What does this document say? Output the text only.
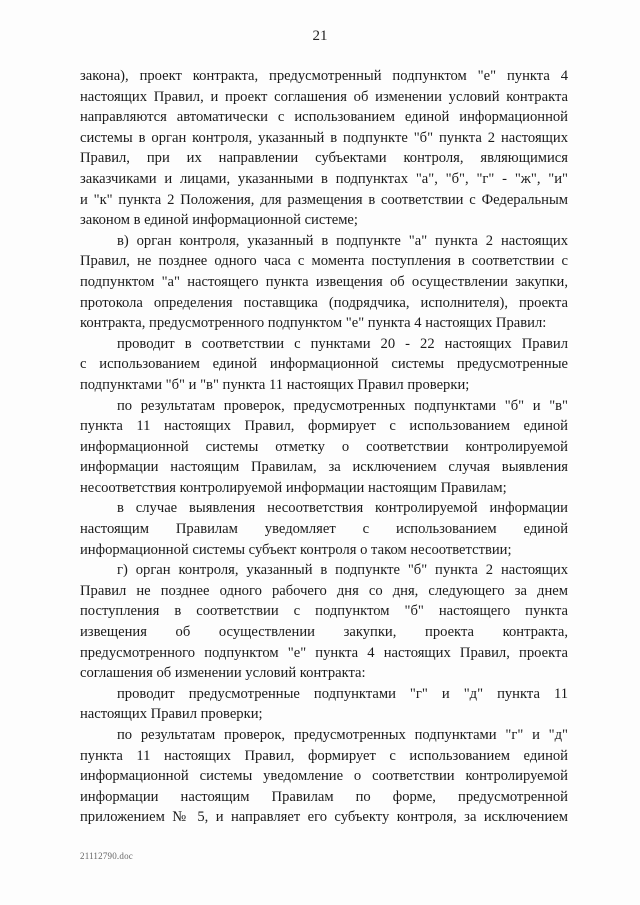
21
закона), проект контракта, предусмотренный подпунктом "е" пункта 4
настоящих Правил, и проект соглашения об изменении условий контракта
направляются автоматически с использованием единой информационной
системы в орган контроля, указанный в подпункте "б" пункта 2 настоящих
Правил, при их направлении субъектами контроля, являющимися
заказчиками и лицами, указанными в подпунктах "а", "б", "г" - "ж", "и"
и "к" пункта 2 Положения, для размещения в соответствии с Федеральным
законом в единой информационной системе;
в) орган контроля, указанный в подпункте "а" пункта 2 настоящих
Правил, не позднее одного часа с момента поступления в соответствии с
подпунктом "а" настоящего пункта извещения об осуществлении закупки,
протокола определения поставщика (подрядчика, исполнителя), проекта
контракта, предусмотренного подпунктом "е" пункта 4 настоящих Правил:
проводит в соответствии с пунктами 20 - 22 настоящих Правил
с использованием единой информационной системы предусмотренные
подпунктами "б" и "в" пункта 11 настоящих Правил проверки;
по результатам проверок, предусмотренных подпунктами "б" и "в"
пункта 11 настоящих Правил, формирует с использованием единой
информационной системы отметку о соответствии контролируемой
информации настоящим Правилам, за исключением случая выявления
несоответствия контролируемой информации настоящим Правилам;
в случае выявления несоответствия контролируемой информации
настоящим Правилам уведомляет с использованием единой
информационной системы субъект контроля о таком несоответствии;
г) орган контроля, указанный в подпункте "б" пункта 2 настоящих
Правил не позднее одного рабочего дня со дня, следующего за днем
поступления в соответствии с подпунктом "б" настоящего пункта
извещения об осуществлении закупки, проекта контракта,
предусмотренного подпунктом "е" пункта 4 настоящих Правил, проекта
соглашения об изменении условий контракта:
проводит предусмотренные подпунктами "г" и "д" пункта 11
настоящих Правил проверки;
по результатам проверок, предусмотренных подпунктами "г" и "д"
пункта 11 настоящих Правил, формирует с использованием единой
информационной системы уведомление о соответствии контролируемой
информации настоящим Правилам по форме, предусмотренной
приложением № 5, и направляет его субъекту контроля, за исключением
21112790.doc
